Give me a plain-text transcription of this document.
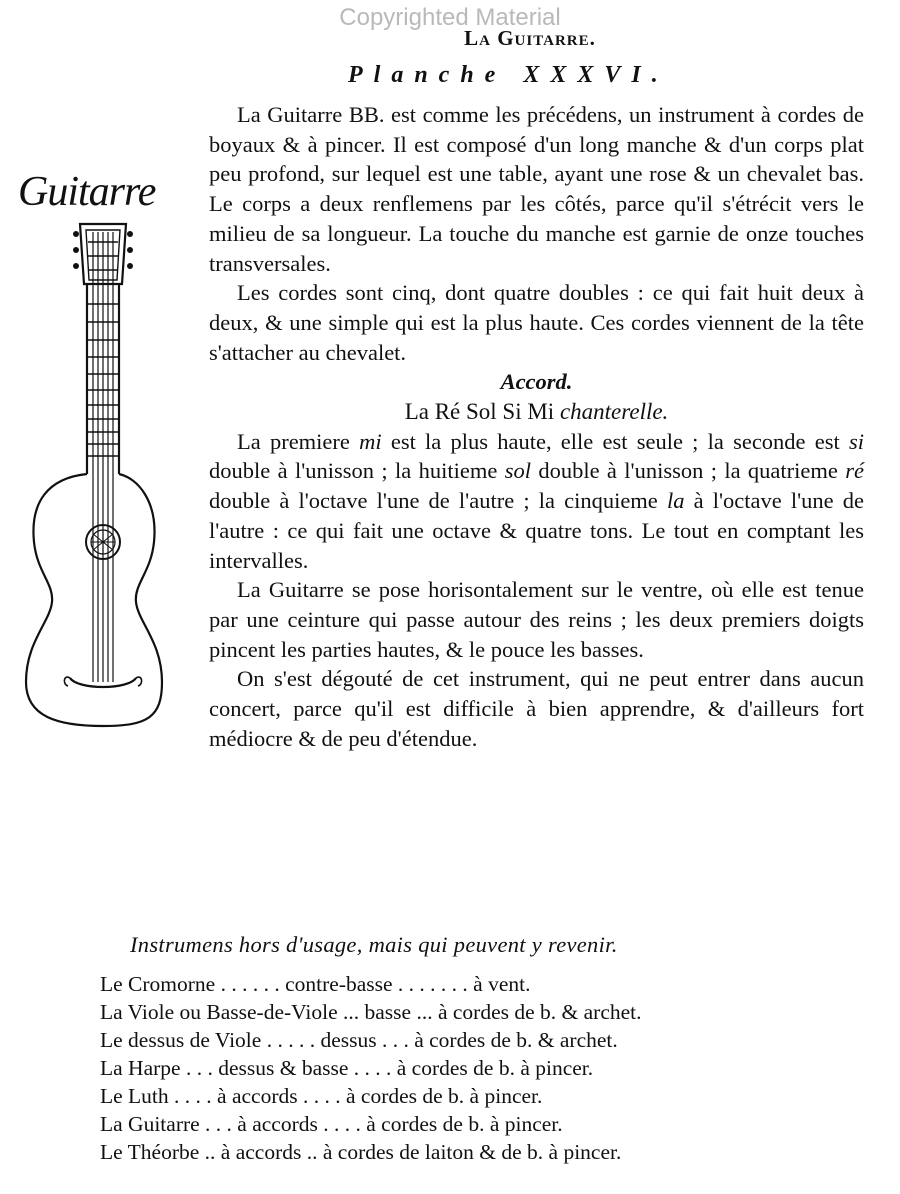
Copyrighted Material
La Guitarre.
Planche XXXVI.
Guitarre

La Guitarre BB. est comme les précédens, un instrument à cordes de boyaux & à pincer. Il est composé d'un long manche & d'un corps plat peu profond, sur lequel est une table, ayant une rose & un chevalet bas. Le corps a deux renflemens par les côtés, parce qu'il s'étrécit vers le milieu de sa longueur. La touche du manche est garnie de onze touches transversales.

Les cordes sont cinq, dont quatre doubles : ce qui fait huit deux à deux, & une simple qui est la plus haute. Ces cordes viennent de la tête s'attacher au chevalet.

Accord.

La Ré Sol Si Mi chanterelle.

La premiere mi est la plus haute, elle est seule ; la seconde est si double à l'unisson ; la huitieme sol double à l'unisson ; la quatrieme ré double à l'octave l'une de l'autre ; la cinquieme la à l'octave l'une de l'autre : ce qui fait une octave & quatre tons. Le tout en comptant les intervalles.

La Guitarre se pose horisontalement sur le ventre, où elle est tenue par une ceinture qui passe autour des reins ; les deux premiers doigts pincent les parties hautes, & le pouce les basses.

On s'est dégouté de cet instrument, qui ne peut entrer dans aucun concert, parce qu'il est difficile à bien apprendre, & d'ailleurs fort médiocre & de peu d'étendue.

Instrumens hors d'usage, mais qui peuvent y revenir.
Le Cromorne . . . . . . contre-basse . . . . . . . à vent.
La Viole ou Basse-de-Viole ... basse ... à cordes de b. & archet.
Le dessus de Viole . . . . . dessus . . . à cordes de b. & archet.
La Harpe . . . dessus & basse . . . . à cordes de b. à pincer.
Le Luth . . . . à accords . . . . à cordes de b. à pincer.
La Guitarre . . . à accords . . . . à cordes de b. à pincer.
Le Théorbe .. à accords .. à cordes de laiton & de b. à pincer.
